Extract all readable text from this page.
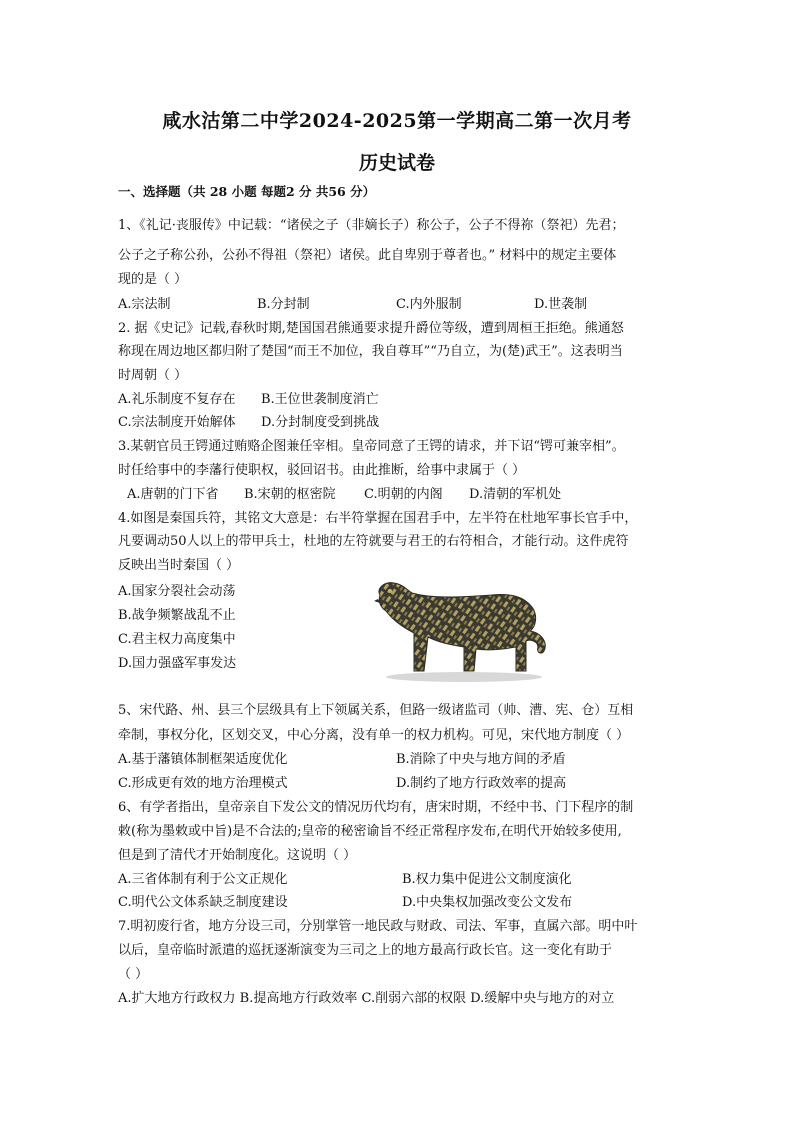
咸水沽第二中学2024-2025第一学期高二第一次月考
历史试卷
一、选择题（共 28 小题 每题2 分 共56 分）
1、《礼记·丧服传》中记载：“诸侯之子（非嫡长子）称公子，公子不得祢（祭祀）先君；
公子之子称公孙，公孙不得祖（祭祀）诸侯。此自卑别于尊者也。” 材料中的规定主要体
现的是（ ）
A.宗法制	B.分封制	C.内外服制	D.世袭制
2. 据《史记》记载,春秋时期,楚国国君熊通要求提升爵位等级，遭到周桓王拒绝。熊通怒
称现在周边地区都归附了楚国“而王不加位，我自尊耳”“乃自立，为(楚)武王”。这表明当
时周朝（ ）
A.礼乐制度不复存在 B.王位世袭制度消亡
C.宗法制度开始解体 D.分封制度受到挑战
3.某朝官员王锷通过贿赂企图兼任宰相。皇帝同意了王锷的请求，并下诏“锷可兼宰相”。
时任给事中的李藩行使职权，驳回诏书。由此推断，给事中隶属于（ ）
A.唐朝的门下省 B.宋朝的枢密院 C.明朝的内阁 D.清朝的军机处
4.如图是秦国兵符，其铭文大意是：右半符掌握在国君手中，左半符在杜地军事长官手中，
凡要调动50人以上的带甲兵士，杜地的左符就要与君王的右符相合，才能行动。这件虎符
反映出当时秦国（ ）
A.国家分裂社会动荡
B.战争频繁战乱不止
C.君主权力高度集中
D.国力强盛军事发达
5、宋代路、州、县三个层级具有上下领属关系，但路一级诸监司（帅、漕、宪、仓）互相
牵制，事权分化，区划交叉，中心分离，没有单一的权力机构。可见，宋代地方制度（ ）
A.基于藩镇体制框架适度优化	B.消除了中央与地方间的矛盾
C.形成更有效的地方治理模式	D.制约了地方行政效率的提高
6、有学者指出，皇帝亲自下发公文的情况历代均有，唐宋时期，不经中书、门下程序的制
敕(称为墨敕或中旨)是不合法的;皇帝的秘密谕旨不经正常程序发布,在明代开始较多使用,
但是到了清代才开始制度化。这说明（ ）
A.三省体制有利于公文正规化	B.权力集中促进公文制度演化
C.明代公文体系缺乏制度建设	D.中央集权加强改变公文发布
7.明初废行省，地方分设三司，分别掌管一地民政与财政、司法、军事，直属六部。明中叶
以后，皇帝临时派遣的巡抚逐渐演变为三司之上的地方最高行政长官。这一变化有助于
（ ）
A.扩大地方行政权力 B.提高地方行政效率 C.削弱六部的权限 D.缓解中央与地方的对立
